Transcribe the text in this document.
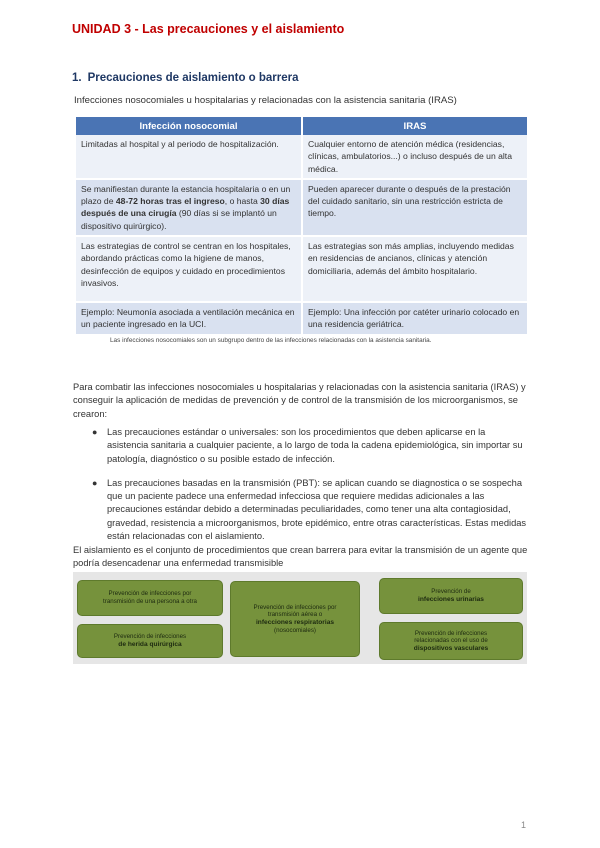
UNIDAD 3 - Las precauciones y el aislamiento
1. Precauciones de aislamiento o barrera

Infecciones nosocomiales u hospitalarias y relacionadas con la asistencia sanitaria (IRAS)

Infección nosocomial	IRAS
Limitadas al hospital y al periodo de hospitalización.	Cualquier entorno de atención médica (residencias, clínicas, ambulatorios...) o incluso después de un alta médica.
Se manifiestan durante la estancia hospitalaria o en un plazo de 48-72 horas tras el ingreso, o hasta 30 días después de una cirugía (90 días si se implantó un dispositivo quirúrgico).	Pueden aparecer durante o después de la prestación del cuidado sanitario, sin una restricción estricta de tiempo.
Las estrategias de control se centran en los hospitales, abordando prácticas como la higiene de manos, desinfección de equipos y cuidado en procedimientos invasivos.	Las estrategias son más amplias, incluyendo medidas en residencias de ancianos, clínicas y atención domiciliaria, además del ámbito hospitalario.
Ejemplo: Neumonía asociada a ventilación mecánica en un paciente ingresado en la UCI.	Ejemplo: Una infección por catéter urinario colocado en una residencia geriátrica.

Las infecciones nosocomiales son un subgrupo dentro de las infecciones relacionadas con la asistencia sanitaria.

Para combatir las infecciones nosocomiales u hospitalarias y relacionadas con la asistencia sanitaria (IRAS) y conseguir la aplicación de medidas de prevención y de control de la transmisión de los microorganismos, se crearon:

● Las precauciones estándar o universales: son los procedimientos que deben aplicarse en la asistencia sanitaria a cualquier paciente, a lo largo de toda la cadena epidemiológica, sin importar su patología, diagnóstico o su posible estado de infección.
● Las precauciones basadas en la transmisión (PBT): se aplican cuando se diagnostica o se sospecha que un paciente padece una enfermedad infecciosa que requiere medidas adicionales a las precauciones estándar debido a determinadas peculiaridades, como tener una alta contagiosidad, gravedad, resistencia a microorganismos, brote epidémico, entre otras características. Estas medidas están relacionadas con el aislamiento.

El aislamiento es el conjunto de procedimientos que crean barrera para evitar la transmisión de un agente que podría desencadenar una enfermedad transmisible

Prevención de infecciones por
transmisión de una persona a otra
Prevención de infecciones
de herida quirúrgica
Prevención de infecciones por
transmisión aérea o
infecciones respiratorias
(nosocomiales)
Prevención de
infecciones urinarias
Prevención de infecciones
relacionadas con el uso de
dispositivos vasculares

1
